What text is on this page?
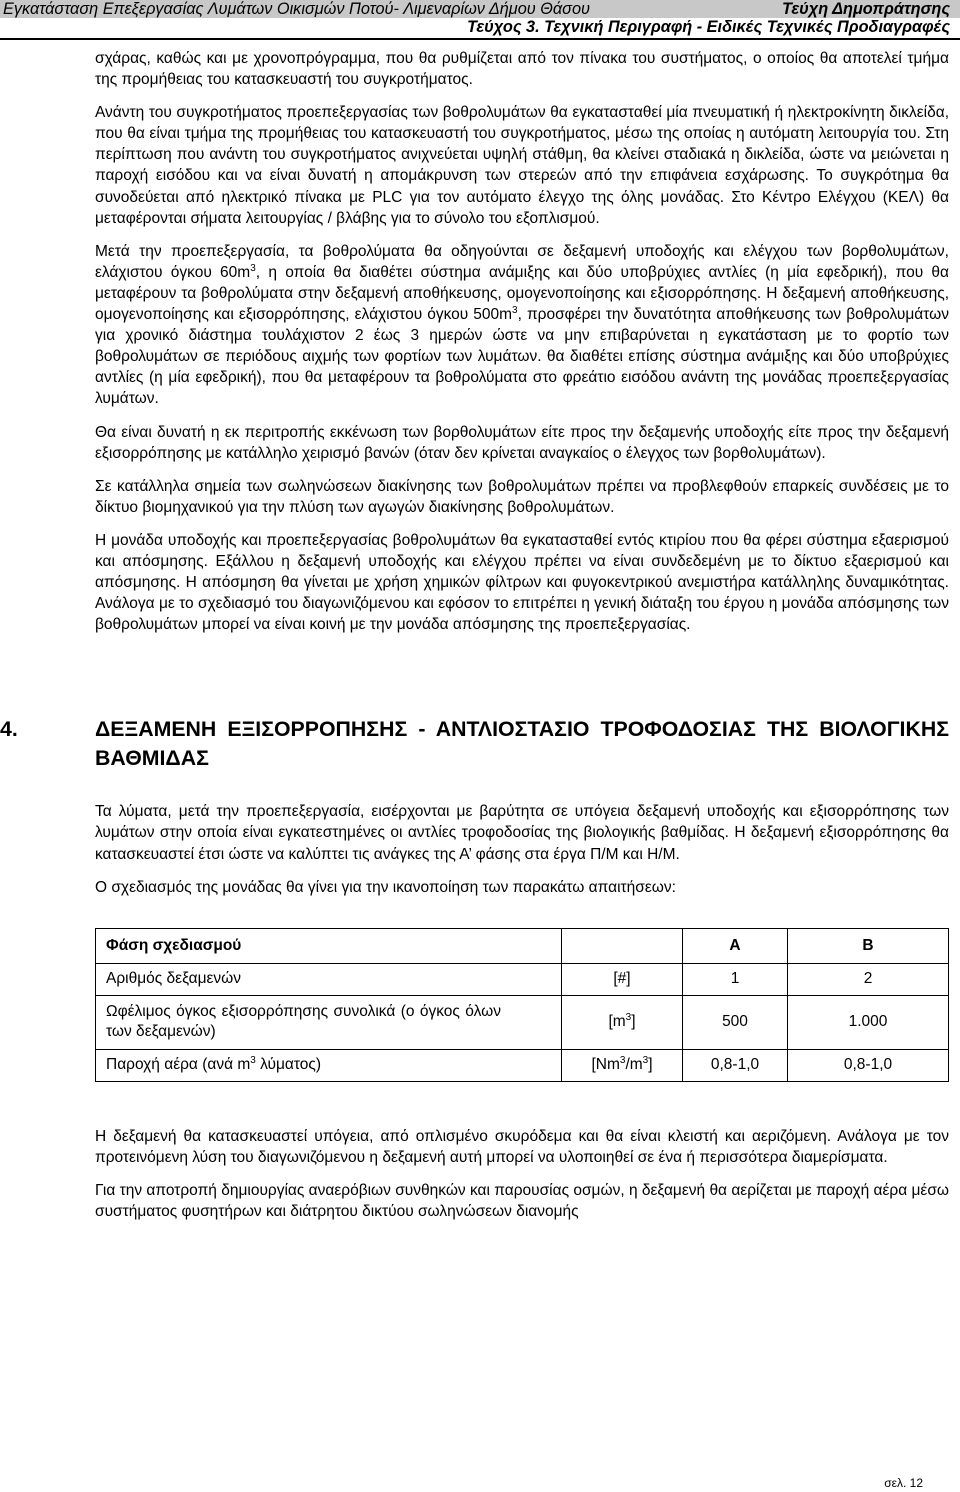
Εγκατάσταση Επεξεργασίας Λυμάτων Οικισμών Ποτού- Λιμεναρίων Δήμου Θάσου	Τεύχη Δημοπράτησης
Τεύχος 3. Τεχνική Περιγραφή - Ειδικές Τεχνικές Προδιαγραφές

σχάρας, καθώς και με χρονοπρόγραμμα, που θα ρυθμίζεται από τον πίνακα του συστήματος, ο οποίος θα αποτελεί τμήμα της προμήθειας του κατασκευαστή του συγκροτήματος.

Ανάντη του συγκροτήματος προεπεξεργασίας των βοθρολυμάτων θα εγκατασταθεί μία πνευματική ή ηλεκτροκίνητη δικλείδα, που θα είναι τμήμα της προμήθειας του κατασκευαστή του συγκροτήματος, μέσω της οποίας η αυτόματη λειτουργία του. Στη περίπτωση που ανάντη του συγκροτήματος ανιχνεύεται υψηλή στάθμη, θα κλείνει σταδιακά η δικλείδα, ώστε να μειώνεται η παροχή εισόδου και να είναι δυνατή η απομάκρυνση των στερεών από την επιφάνεια εσχάρωσης. Το συγκρότημα θα συνοδεύεται από ηλεκτρικό πίνακα με PLC για τον αυτόματο έλεγχο της όλης μονάδας. Στο Κέντρο Ελέγχου (ΚΕΛ) θα μεταφέρονται σήματα λειτουργίας / βλάβης για το σύνολο του εξοπλισμού.

Μετά την προεπεξεργασία, τα βοθρολύματα θα οδηγούνται σε δεξαμενή υποδοχής και ελέγχου των βορθολυμάτων, ελάχιστου όγκου $60m^3$, η οποία θα διαθέτει σύστημα ανάμιξης και δύο υποβρύχιες αντλίες (η μία εφεδρική), που θα μεταφέρουν τα βοθρολύματα στην δεξαμενή αποθήκευσης, ομογενοποίησης και εξισορρόπησης. Η δεξαμενή αποθήκευσης, ομογενοποίησης και εξισορρόπησης, ελάχιστου όγκου $500m^3$, προσφέρει την δυνατότητα αποθήκευσης των βοθρολυμάτων για χρονικό διάστημα τουλάχιστον 2 έως 3 ημερών ώστε να μην επιβαρύνεται η εγκατάσταση με το φορτίο των βοθρολυμάτων σε περιόδους αιχμής των φορτίων των λυμάτων. θα διαθέτει επίσης σύστημα ανάμιξης και δύο υποβρύχιες αντλίες (η μία εφεδρική), που θα μεταφέρουν τα βοθρολύματα στο φρεάτιο εισόδου ανάντη της μονάδας προεπεξεργασίας λυμάτων.

Θα είναι δυνατή η εκ περιτροπής εκκένωση των βορθολυμάτων είτε προς την δεξαμενής υποδοχής είτε προς την δεξαμενή εξισορρόπησης με κατάλληλο χειρισμό βανών (όταν δεν κρίνεται αναγκαίος ο έλεγχος των βορθολυμάτων).

Σε κατάλληλα σημεία των σωληνώσεων διακίνησης των βοθρολυμάτων πρέπει να προβλεφθούν επαρκείς συνδέσεις με το δίκτυο βιομηχανικού για την πλύση των αγωγών διακίνησης βοθρολυμάτων.

Η μονάδα υποδοχής και προεπεξεργασίας βοθρολυμάτων θα εγκατασταθεί εντός κτιρίου που θα φέρει σύστημα εξαερισμού και απόσμησης. Εξάλλου η δεξαμενή υποδοχής και ελέγχου πρέπει να είναι συνδεδεμένη με το δίκτυο εξαερισμού και απόσμησης. Η απόσμηση θα γίνεται με χρήση χημικών φίλτρων και φυγοκεντρικού ανεμιστήρα κατάλληλης δυναμικότητας. Ανάλογα με το σχεδιασμό του διαγωνιζόμενου και εφόσον το επιτρέπει η γενική διάταξη του έργου η μονάδα απόσμησης των βοθρολυμάτων μπορεί να είναι κοινή με την μονάδα απόσμησης της προεπεξεργασίας.

4.	ΔΕΞΑΜΕΝΗ ΕΞΙΣΟΡΡΟΠΗΣΗΣ - ΑΝΤΛΙΟΣΤΑΣΙΟ ΤΡΟΦΟΔΟΣΙΑΣ ΤΗΣ ΒΙΟΛΟΓΙΚΗΣ ΒΑΘΜΙΔΑΣ

Τα λύματα, μετά την προεπεξεργασία, εισέρχονται με βαρύτητα σε υπόγεια δεξαμενή υποδοχής και εξισορρόπησης των λυμάτων στην οποία είναι εγκατεστημένες οι αντλίες τροφοδοσίας της βιολογικής βαθμίδας. Η δεξαμενή εξισορρόπησης θα κατασκευαστεί έτσι ώστε να καλύπτει τις ανάγκες της Α’ φάσης στα έργα Π/Μ και Η/Μ.

Ο σχεδιασμός της μονάδας θα γίνει για την ικανοποίηση των παρακάτω απαιτήσεων:

Φάση σχεδιασμού		Α	Β
Αριθμός δεξαμενών	[#]	1	2
Ωφέλιμος όγκος εξισορρόπησης συνολικά (ο όγκος όλων των δεξαμενών)	$[m^3]$	500	1.000
Παροχή αέρα (ανά $m^3$ λύματος)	$[Nm^3/m^3]$	0,8-1,0	0,8-1,0

Η δεξαμενή θα κατασκευαστεί υπόγεια, από οπλισμένο σκυρόδεμα και θα είναι κλειστή και αεριζόμενη. Ανάλογα με τον προτεινόμενη λύση του διαγωνιζόμενου η δεξαμενή αυτή μπορεί να υλοποιηθεί σε ένα ή περισσότερα διαμερίσματα.

Για την αποτροπή δημιουργίας αναερόβιων συνθηκών και παρουσίας οσμών, η δεξαμενή θα αερίζεται με παροχή αέρα μέσω συστήματος φυσητήρων και διάτρητου δικτύου σωληνώσεων διανομής

σελ. 12
